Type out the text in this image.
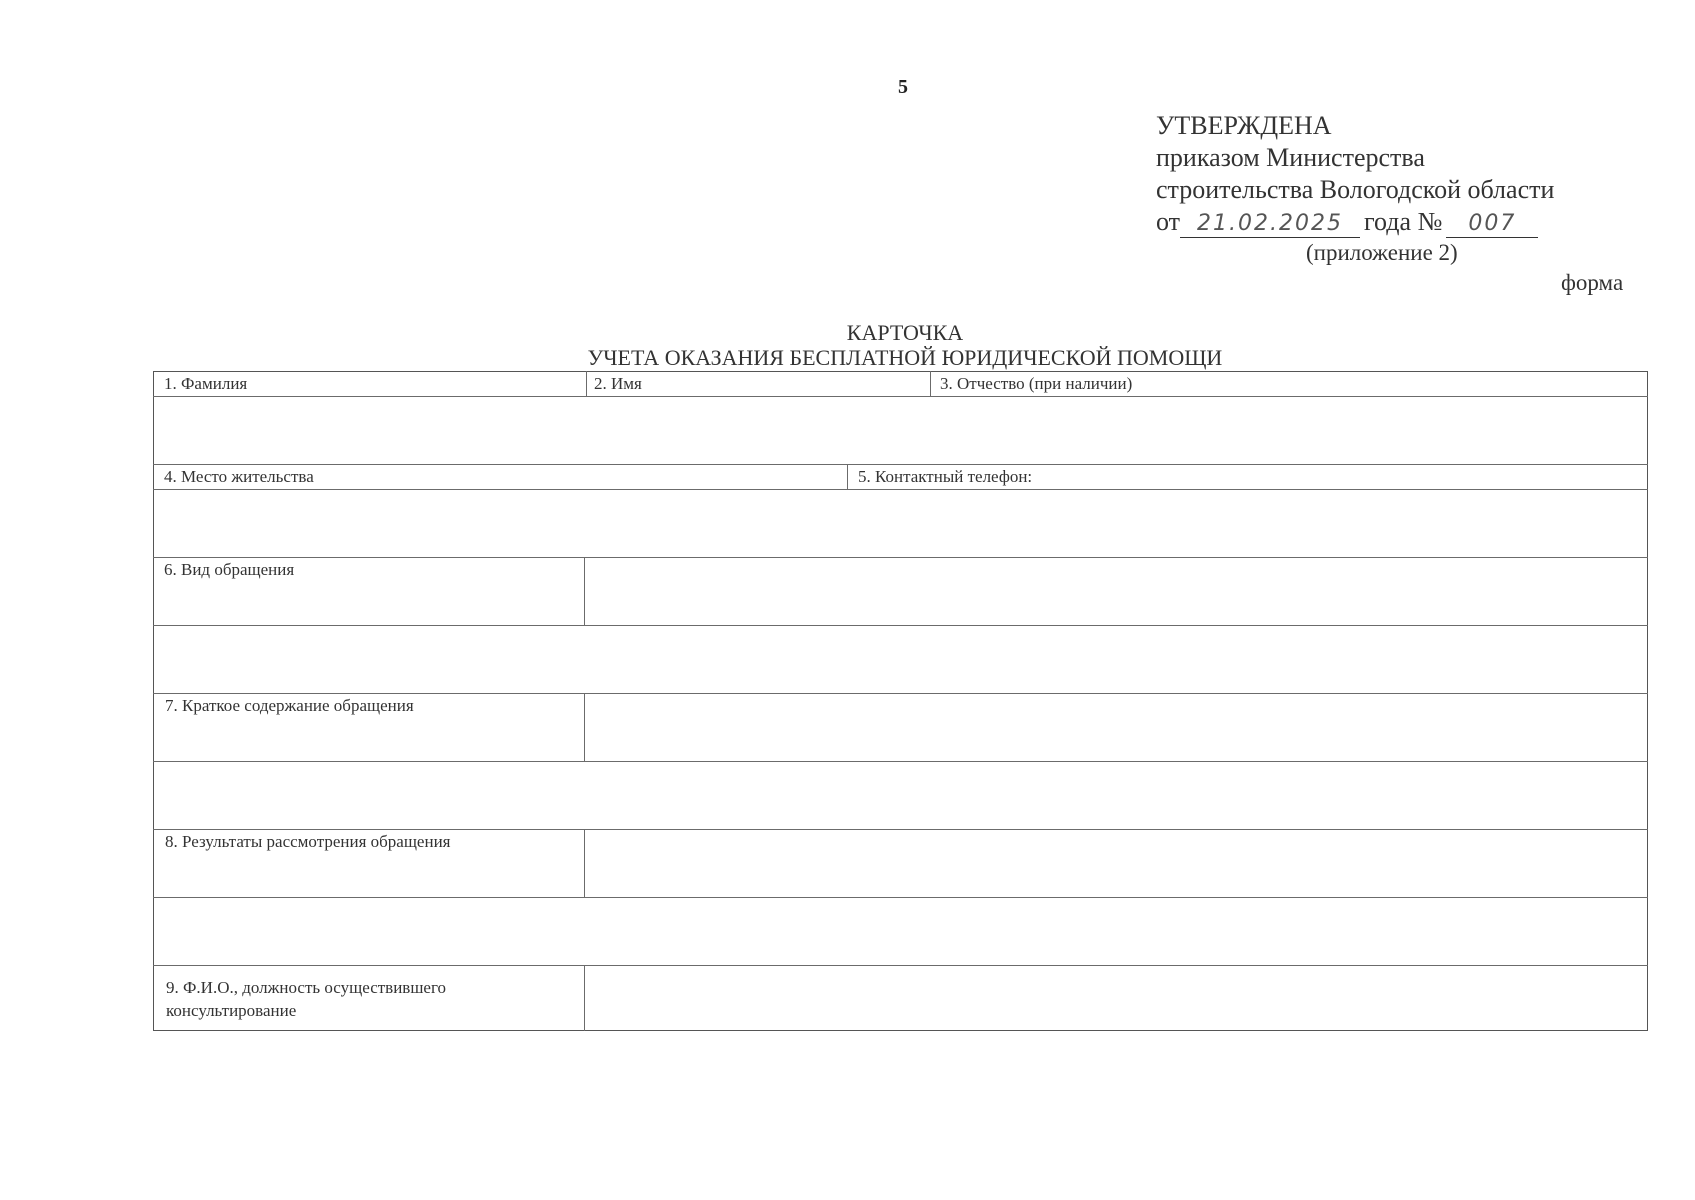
5
УТВЕРЖДЕНА
приказом Министерства
строительства Вологодской области
от 21.02.2025 года № 007
(приложение 2)
форма
КАРТОЧКА
УЧЕТА ОКАЗАНИЯ БЕСПЛАТНОЙ ЮРИДИЧЕСКОЙ ПОМОЩИ
1. Фамилия	2. Имя	3. Отчество (при наличии)
4. Место жительства	5. Контактный телефон:
6. Вид обращения
7. Краткое содержание обращения
8. Результаты рассмотрения обращения
9. Ф.И.О., должность осуществившего
консультирование
